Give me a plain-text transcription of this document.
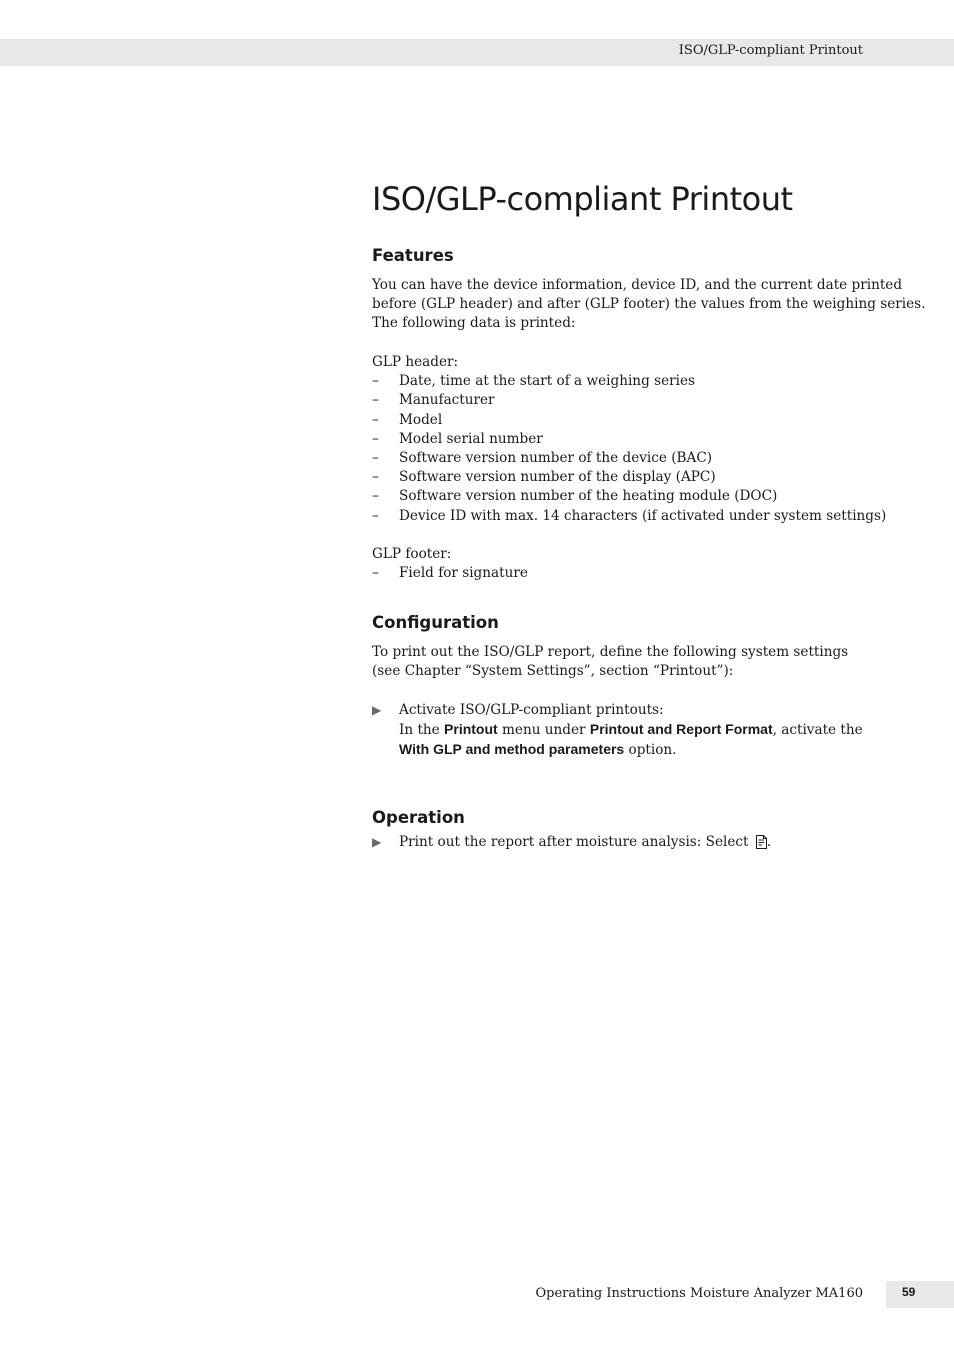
ISO/GLP-compliant Printout
ISO/GLP-compliant Printout
Features
You can have the device information, device ID, and the current date printed
before (GLP header) and after (GLP footer) the values from the weighing series.
The following data is printed:
GLP header:
– Date, time at the start of a weighing series
– Manufacturer
– Model
– Model serial number
– Software version number of the device (BAC)
– Software version number of the display (APC)
– Software version number of the heating module (DOC)
– Device ID with max. 14 characters (if activated under system settings)
GLP footer:
– Field for signature
Configuration
To print out the ISO/GLP report, define the following system settings
(see Chapter “System Settings”, section “Printout”):
▶ Activate ISO/GLP-compliant printouts:
In the Printout menu under Printout and Report Format, activate the
With GLP and method parameters option.
Operation
▶ Print out the report after moisture analysis: Select .
Operating Instructions Moisture Analyzer MA160	59
